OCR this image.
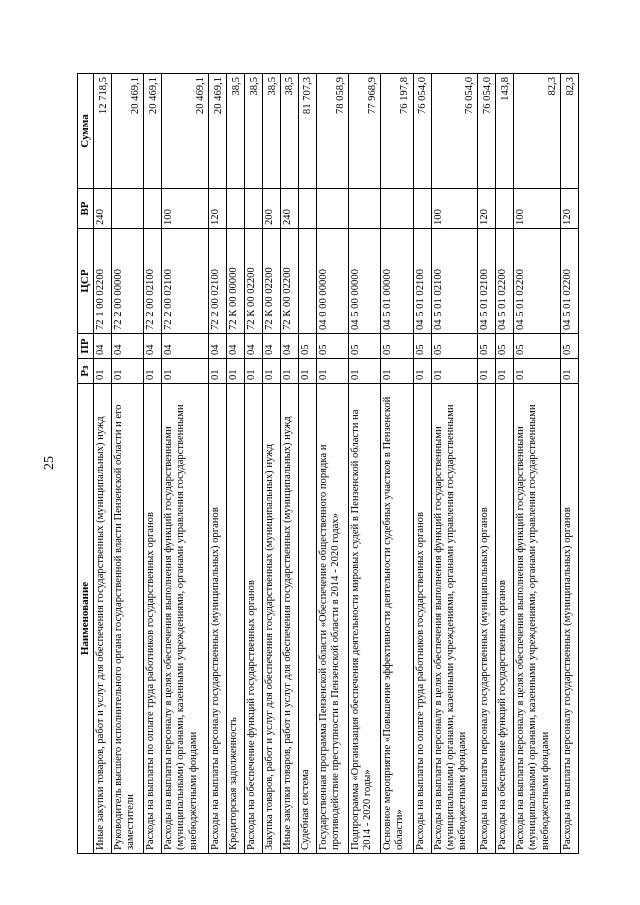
25
Наименование	Рз	ПР	ЦСР	ВР	Сумма
Иные закупки товаров, работ и услуг для обеспечения государственных (муниципальных) нужд	01	04	72 1 00 02200	240	12 718,5
Руководитель высшего исполнительного органа государственной власти Пензенской области и его заместители	01	04	72 2 00 00000		20 469,1
Расходы на выплаты по оплате труда работников государственных органов	01	04	72 2 00 02100		20 469,1
Расходы на выплаты персоналу в целях обеспечения выполнения функций государственными (муниципальными) органами, казенными учреждениями, органами управления государственными внебюджетными фондами	01	04	72 2 00 02100	100	20 469,1
Расходы на выплаты персоналу государственных (муниципальных) органов	01	04	72 2 00 02100	120	20 469,1
Кредиторская задолженность	01	04	72 К 00 00000		38,5
Расходы на обеспечение функций государственных органов	01	04	72 К 00 02200		38,5
Закупка товаров, работ и услуг для обеспечения государственных (муниципальных) нужд	01	04	72 К 00 02200	200	38,5
Иные закупки товаров, работ и услуг для обеспечения государственных (муниципальных) нужд	01	04	72 К 00 02200	240	38,5
Судебная система	01	05			81 707,3
Государственная программа Пензенской области «Обеспечение общественного порядка и противодействие преступности в Пензенской области в 2014 - 2020 годах»	01	05	04 0 00 00000		78 058,9
Подпрограмма «Организация обеспечения деятельности мировых судей в Пензенской области на 2014 - 2020 годы»	01	05	04 5 00 00000		77 968,9
Основное мероприятие «Повышение эффективности деятельности судебных участков в Пензенской области»	01	05	04 5 01 00000		76 197,8
Расходы на выплаты по оплате труда работников государственных органов	01	05	04 5 01 02100		76 054,0
Расходы на выплаты персоналу в целях обеспечения выполнения функций государственными (муниципальными) органами, казенными учреждениями, органами управления государственными внебюджетными фондами	01	05	04 5 01 02100	100	76 054,0
Расходы на выплаты персоналу государственных (муниципальных) органов	01	05	04 5 01 02100	120	76 054,0
Расходы на обеспечение функций государственных органов	01	05	04 5 01 02200		143,8
Расходы на выплаты персоналу в целях обеспечения выполнения функций государственными (муниципальными) органами, казенными учреждениями, органами управления государственными внебюджетными фондами	01	05	04 5 01 02200	100	82,3
Расходы на выплаты персоналу государственных (муниципальных) органов	01	05	04 5 01 02200	120	82,3
